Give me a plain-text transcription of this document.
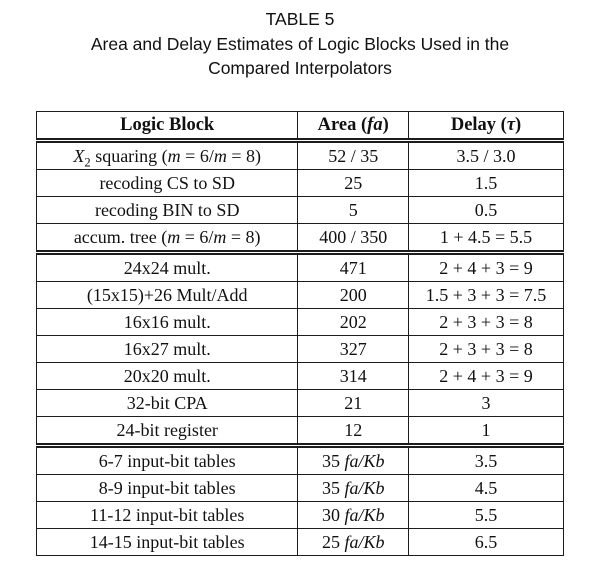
TABLE 5
Area and Delay Estimates of Logic Blocks Used in the
Compared Interpolators
Logic Block	Area (fa)	Delay (τ)
$X_2$ squaring (m = 6/m = 8)	52 / 35	3.5 / 3.0
recoding CS to SD	25	1.5
recoding BIN to SD	5	0.5
accum. tree (m = 6/m = 8)	400 / 350	1 + 4.5 = 5.5
24x24 mult.	471	2 + 4 + 3 = 9
(15x15)+26 Mult/Add	200	1.5 + 3 + 3 = 7.5
16x16 mult.	202	2 + 3 + 3 = 8
16x27 mult.	327	2 + 3 + 3 = 8
20x20 mult.	314	2 + 4 + 3 = 9
32-bit CPA	21	3
24-bit register	12	1
6-7 input-bit tables	35 fa/Kb	3.5
8-9 input-bit tables	35 fa/Kb	4.5
11-12 input-bit tables	30 fa/Kb	5.5
14-15 input-bit tables	25 fa/Kb	6.5
